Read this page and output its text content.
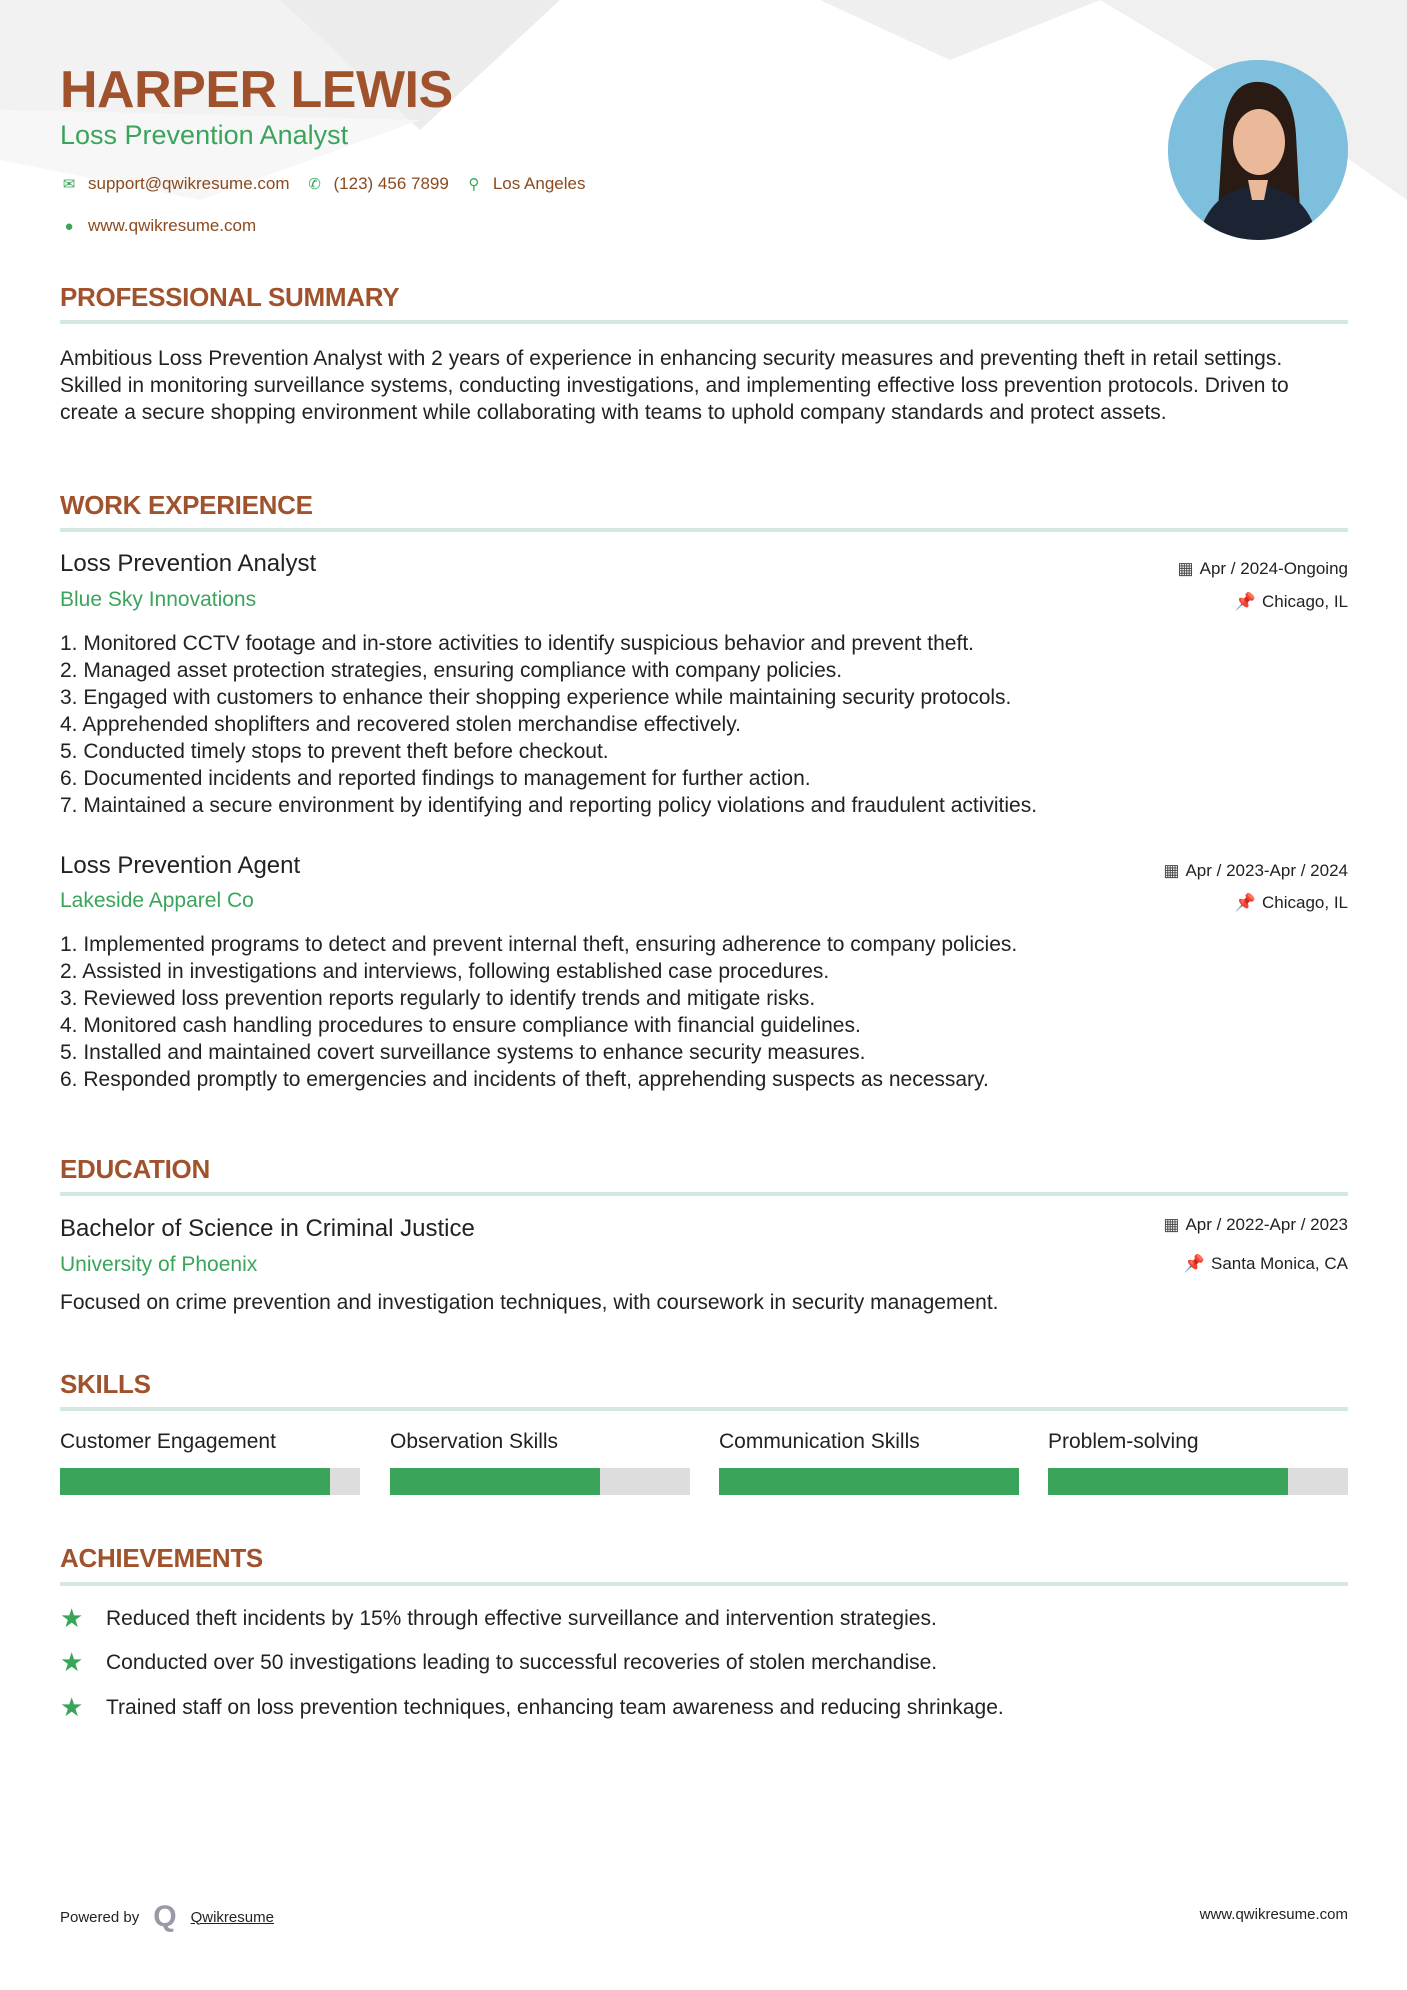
HARPER LEWIS
Loss Prevention Analyst
✉ support@qwikresume.com ✆ (123) 456 7899 ⚲ Los Angeles
● www.qwikresume.com
PROFESSIONAL SUMMARY
Ambitious Loss Prevention Analyst with 2 years of experience in enhancing security measures and preventing theft in retail settings. Skilled in monitoring surveillance systems, conducting investigations, and implementing effective loss prevention protocols. Driven to create a secure shopping environment while collaborating with teams to uphold company standards and protect assets.
WORK EXPERIENCE
Loss Prevention Analyst
Blue Sky Innovations
▦ Apr / 2024-Ongoing
📌 Chicago, IL
1. Monitored CCTV footage and in-store activities to identify suspicious behavior and prevent theft.
2. Managed asset protection strategies, ensuring compliance with company policies.
3. Engaged with customers to enhance their shopping experience while maintaining security protocols.
4. Apprehended shoplifters and recovered stolen merchandise effectively.
5. Conducted timely stops to prevent theft before checkout.
6. Documented incidents and reported findings to management for further action.
7. Maintained a secure environment by identifying and reporting policy violations and fraudulent activities.
Loss Prevention Agent
Lakeside Apparel Co
▦ Apr / 2023-Apr / 2024
📌 Chicago, IL
1. Implemented programs to detect and prevent internal theft, ensuring adherence to company policies.
2. Assisted in investigations and interviews, following established case procedures.
3. Reviewed loss prevention reports regularly to identify trends and mitigate risks.
4. Monitored cash handling procedures to ensure compliance with financial guidelines.
5. Installed and maintained covert surveillance systems to enhance security measures.
6. Responded promptly to emergencies and incidents of theft, apprehending suspects as necessary.
EDUCATION
Bachelor of Science in Criminal Justice
University of Phoenix
▦ Apr / 2022-Apr / 2023
📌 Santa Monica, CA
Focused on crime prevention and investigation techniques, with coursework in security management.
SKILLS
Customer Engagement	Observation Skills	Communication Skills	Problem-solving
ACHIEVEMENTS
★	Reduced theft incidents by 15% through effective surveillance and intervention strategies.
★	Conducted over 50 investigations leading to successful recoveries of stolen merchandise.
★	Trained staff on loss prevention techniques, enhancing team awareness and reducing shrinkage.
Powered by Q Qwikresume	www.qwikresume.com
